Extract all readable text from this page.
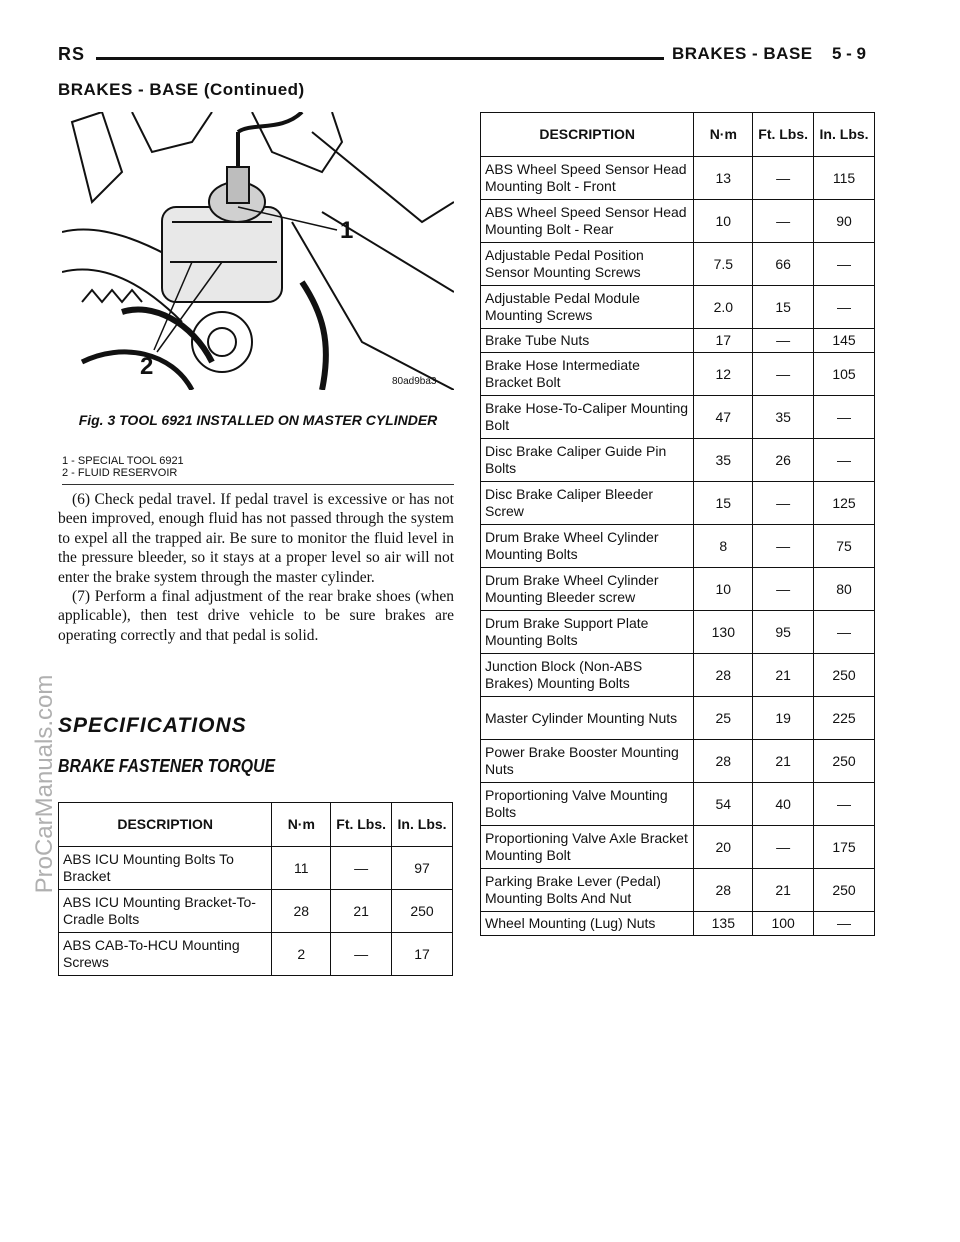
RS	BRAKES - BASE 5 - 9
BRAKES - BASE (Continued)
ProCarManuals.com
1
2
80ad9ba3
Fig. 3 TOOL 6921 INSTALLED ON MASTER CYLINDER
1 - SPECIAL TOOL 6921
2 - FLUID RESERVOIR

(6) Check pedal travel. If pedal travel is excessive or has not been improved, enough fluid has not passed through the system to expel all the trapped air. Be sure to monitor the fluid level in the pressure bleeder, so it stays at a proper level so air will not enter the brake system through the master cylinder.

(7) Perform a final adjustment of the rear brake shoes (when applicable), then test drive vehicle to be sure brakes are operating correctly and that pedal is solid.

SPECIFICATIONS
BRAKE FASTENER TORQUE
DESCRIPTION	N·m	Ft. Lbs.	In. Lbs.
ABS ICU Mounting Bolts To Bracket	11	—	97
ABS ICU Mounting Bracket-To-Cradle Bolts	28	21	250
ABS CAB-To-HCU Mounting Screws	2	—	17
DESCRIPTION	N·m	Ft. Lbs.	In. Lbs.
ABS Wheel Speed Sensor Head Mounting Bolt - Front	13	—	115
ABS Wheel Speed Sensor Head Mounting Bolt - Rear	10	—	90
Adjustable Pedal Position Sensor Mounting Screws	7.5	66	—
Adjustable Pedal Module Mounting Screws	2.0	15	—
Brake Tube Nuts	17	—	145
Brake Hose Intermediate Bracket Bolt	12	—	105
Brake Hose-To-Caliper Mounting Bolt	47	35	—
Disc Brake Caliper Guide Pin Bolts	35	26	—
Disc Brake Caliper Bleeder Screw	15	—	125
Drum Brake Wheel Cylinder Mounting Bolts	8	—	75
Drum Brake Wheel Cylinder Mounting Bleeder screw	10	—	80
Drum Brake Support Plate Mounting Bolts	130	95	—
Junction Block (Non-ABS Brakes) Mounting Bolts	28	21	250
Master Cylinder Mounting Nuts	25	19	225
Power Brake Booster Mounting Nuts	28	21	250
Proportioning Valve Mounting Bolts	54	40	—
Proportioning Valve Axle Bracket Mounting Bolt	20	—	175
Parking Brake Lever (Pedal) Mounting Bolts And Nut	28	21	250
Wheel Mounting (Lug) Nuts	135	100	—
